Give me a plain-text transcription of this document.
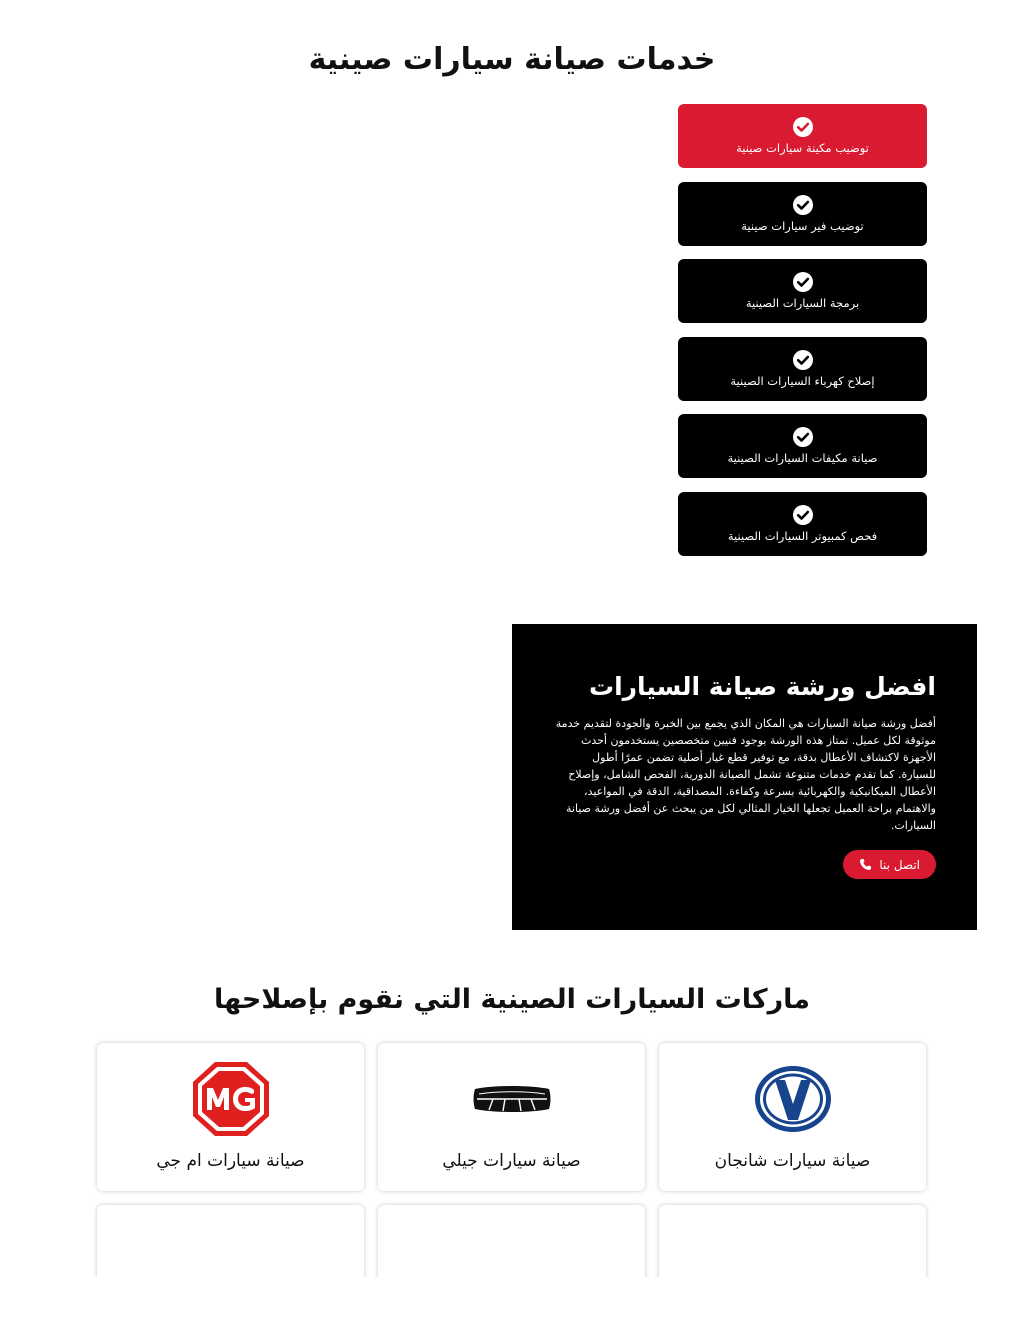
خدمات صيانة سيارات صينية
توضيب مكينة سيارات صينية
توضيب فير سيارات صينية
برمجة السيارات الصينية
إصلاح كهرباء السيارات الصينية
صيانة مكيفات السيارات الصينية
فحص كمبيوتر السيارات الصينية
افضل ورشة صيانة السيارات

أفضل ورشة صيانة السيارات هي المكان الذي يجمع بين الخبرة والجودة لتقديم خدمة موثوقة لكل عميل. تمتاز هذه الورشة بوجود فنيين متخصصين يستخدمون أحدث الأجهزة لاكتشاف الأعطال بدقة، مع توفير قطع غيار أصلية تضمن عمرًا أطول للسيارة. كما تقدم خدمات متنوعة تشمل الصيانة الدورية، الفحص الشامل، وإصلاح الأعطال الميكانيكية والكهربائية بسرعة وكفاءة. المصداقية، الدقة في المواعيد، والاهتمام براحة العميل تجعلها الخيار المثالي لكل من يبحث عن أفضل ورشة صيانة السيارات.

اتصل بنا
ماركات السيارات الصينية التي نقوم بإصلاحها
صيانة سيارات ام جي	صيانة سيارات جيلي	صيانة سيارات شانجان
